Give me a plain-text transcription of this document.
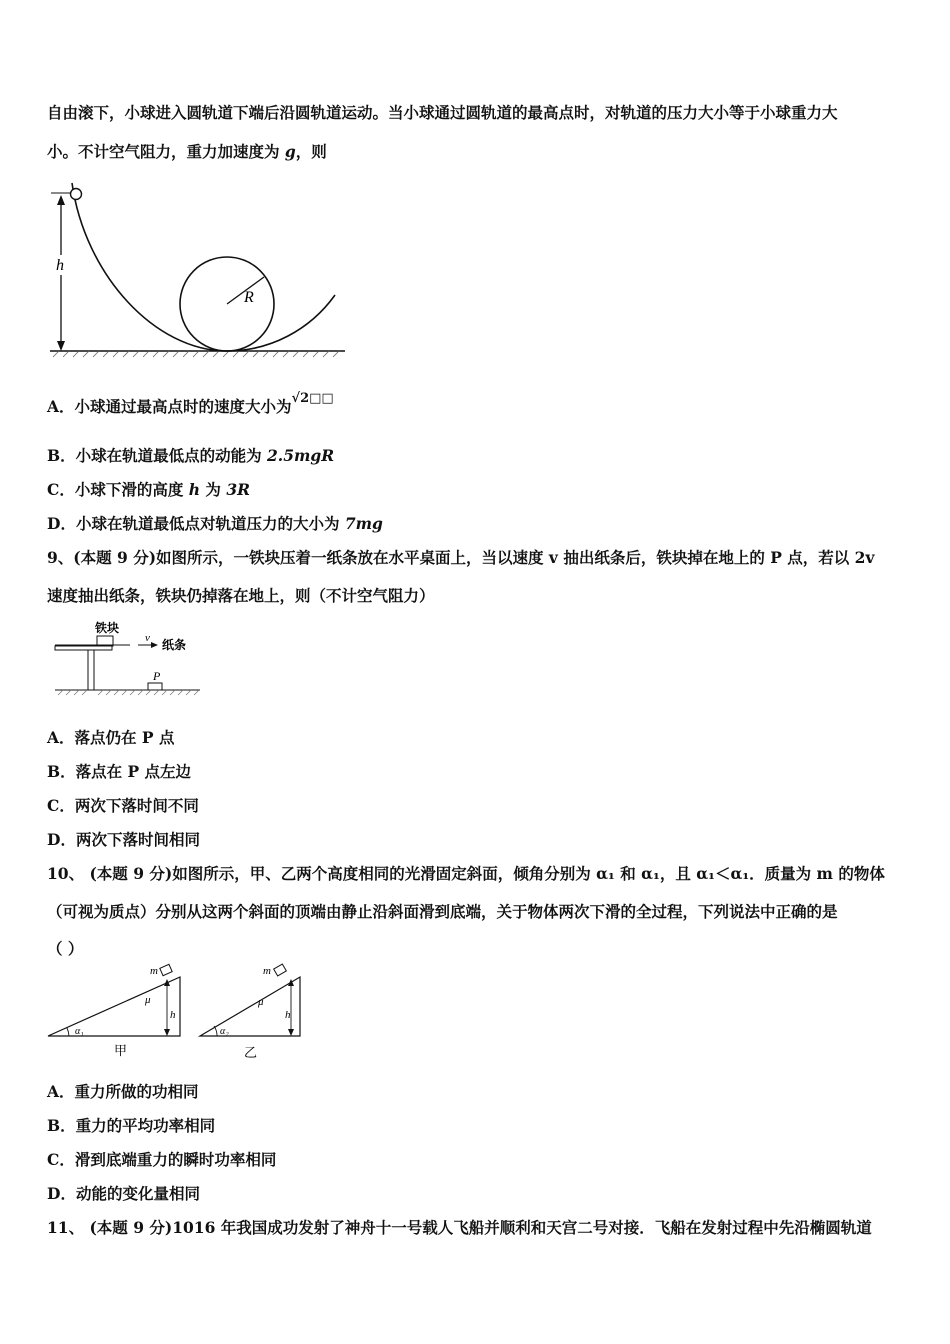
自由滚下，小球进入圆轨道下端后沿圆轨道运动。当小球通过圆轨道的最高点时，对轨道的压力大小等于小球重力大
小。不计空气阻力，重力加速度为 g，则
R
h
A．小球通过最高点时的速度大小为$^{√2□□}$
B．小球在轨道最低点的动能为 2.5mgR
C．小球下滑的高度 h 为 3R
D．小球在轨道最低点对轨道压力的大小为 7mg
9、(本题 9 分)如图所示，一铁块压着一纸条放在水平桌面上，当以速度 v 抽出纸条后，铁块掉在地上的 P 点，若以 2v
速度抽出纸条，铁块仍掉落在地上，则（不计空气阻力）
铁块
v 纸条
P
A．落点仍在 P 点
B．落点在 P 点左边
C．两次下落时间不同
D．两次下落时间相同
10、 (本题 9 分)如图所示，甲、乙两个高度相同的光滑固定斜面，倾角分别为 α₁ 和 α₁，且 α₁＜α₁．质量为 m 的物体
（可视为质点）分别从这两个斜面的顶端由静止沿斜面滑到底端，关于物体两次下滑的全过程，下列说法中正确的是
（ ）
m
μ
h
α₁
甲
m
μ
h
α₂
乙
A．重力所做的功相同
B．重力的平均功率相同
C．滑到底端重力的瞬时功率相同
D．动能的变化量相同
11、 (本题 9 分)1016 年我国成功发射了神舟十一号载人飞船并顺利和天宫二号对接．飞船在发射过程中先沿椭圆轨道
